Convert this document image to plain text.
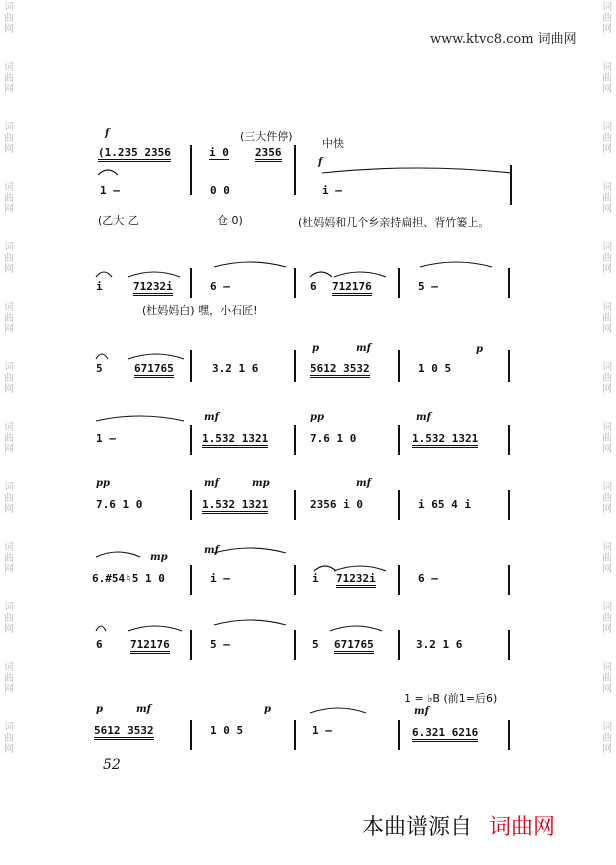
词
曲
网
词
曲
网
词
曲
网
词
曲
网
词
曲
网
词
曲
网
词
曲
网
词
曲
网
词
曲
网
词
曲
网
词
曲
网
词
曲
网
词
曲
网
词
曲
网
词
曲
网
词
曲
网
词
曲
网
词
曲
网
词
曲
网
词
曲
网
词
曲
网
词
曲
网
词
曲
网
词
曲
网
词
曲
网
词
曲
网
www.ktvc8.com 词曲网
f
(1.235 2356	i 0 2356
(三大件停)
中快
f
1 –	0 0	i –
(乙大 乙	仓 0)	(杜妈妈和几个乡亲持扁担、背竹篓上。
i	71232i	6 –	6 712176	5 –
(杜妈妈白) 嘿，小石匠!
5	671765	3.2 1 6
p	mf
5612 3532	1 0 5
p
1 –
mf
1.532 1321
pp
7.6 1 0
mf
1.532 1321
pp
7.6 1 0
mf	mp
1.532 1321
mf
2356 i 0	i 65 4 i
mp
6.#54♮5 1 0
mf
i –	i 71232i	6 –
6 712176	5 –	5 671765	3.2 1 6
1 = ♭B (前1=后6)
p	mf
5612 3532
p
1 0 5	1 –
mf
6.321 6216
52
本曲谱源自 词曲网
